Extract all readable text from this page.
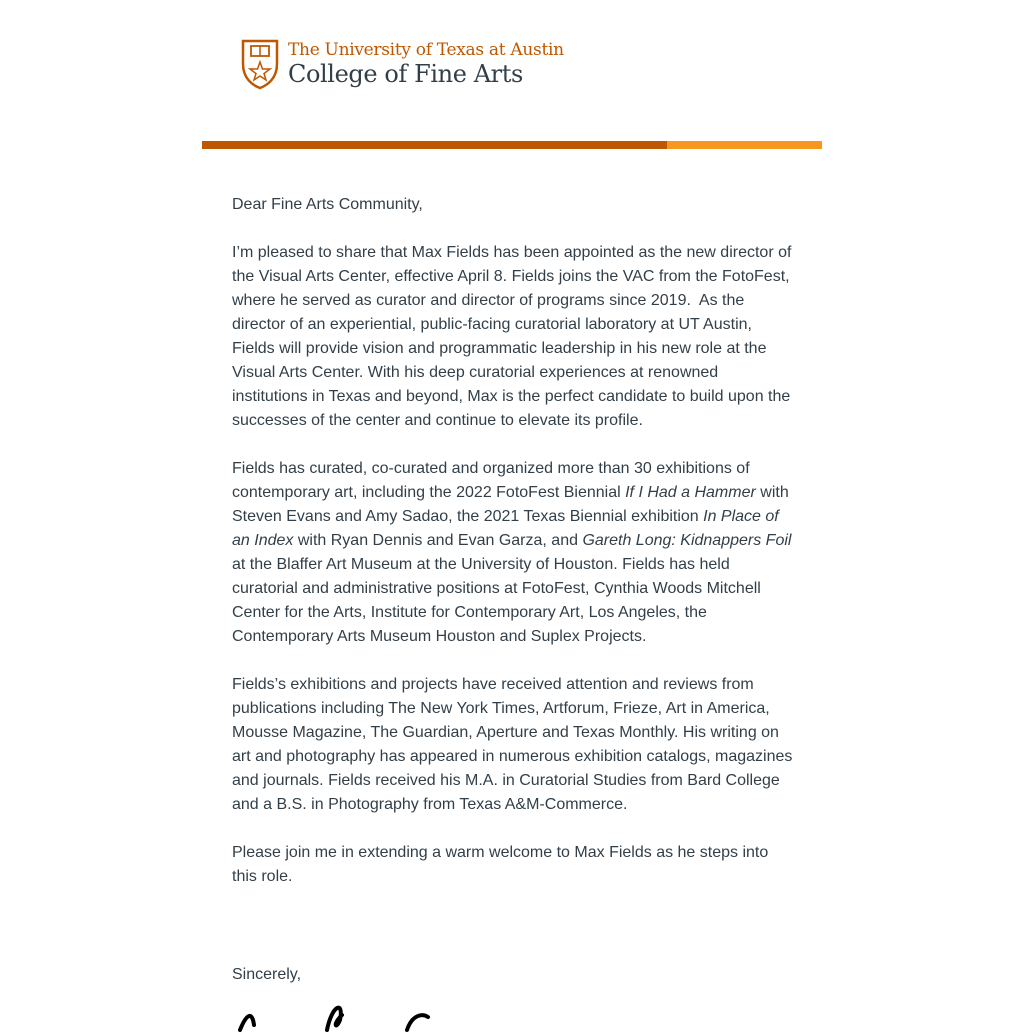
The University of Texas at Austin
College of Fine Arts
Dear Fine Arts Community,
I’m pleased to share that Max Fields has been appointed as the new director of
the Visual Arts Center, effective April 8. Fields joins the VAC from the FotoFest,
where he served as curator and director of programs since 2019.  As the
director of an experiential, public-facing curatorial laboratory at UT Austin,
Fields will provide vision and programmatic leadership in his new role at the
Visual Arts Center. With his deep curatorial experiences at renowned
institutions in Texas and beyond, Max is the perfect candidate to build upon the
successes of the center and continue to elevate its profile.
Fields has curated, co-curated and organized more than 30 exhibitions of
contemporary art, including the 2022 FotoFest Biennial If I Had a Hammer with
Steven Evans and Amy Sadao, the 2021 Texas Biennial exhibition In Place of
an Index with Ryan Dennis and Evan Garza, and Gareth Long: Kidnappers Foil
at the Blaffer Art Museum at the University of Houston. Fields has held
curatorial and administrative positions at FotoFest, Cynthia Woods Mitchell
Center for the Arts, Institute for Contemporary Art, Los Angeles, the
Contemporary Arts Museum Houston and Suplex Projects.
Fields’s exhibitions and projects have received attention and reviews from
publications including The New York Times, Artforum, Frieze, Art in America,
Mousse Magazine, The Guardian, Aperture and Texas Monthly. His writing on
art and photography has appeared in numerous exhibition catalogs, magazines
and journals. Fields received his M.A. in Curatorial Studies from Bard College
and a B.S. in Photography from Texas A&M-Commerce.
Please join me in extending a warm welcome to Max Fields as he steps into
this role.
Sincerely,
